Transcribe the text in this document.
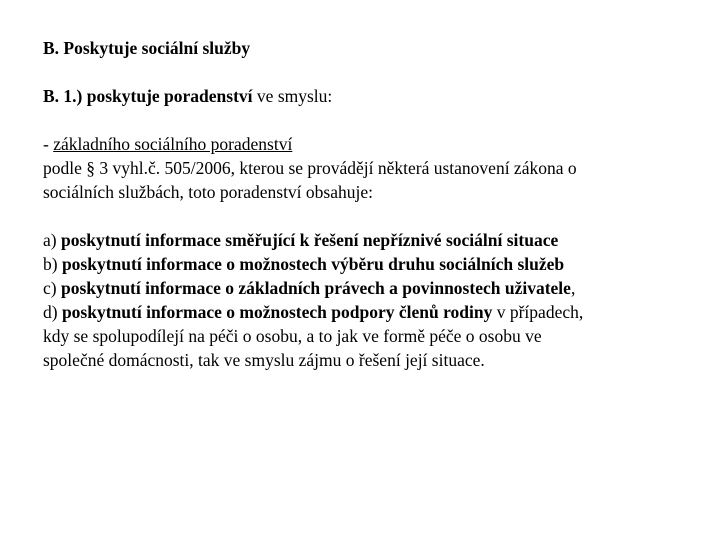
B. Poskytuje sociální služby
B. 1.) poskytuje poradenství ve smyslu:
- základního sociálního poradenství
podle § 3 vyhl.č. 505/2006, kterou se provádějí některá ustanovení zákona o
sociálních službách, toto poradenství obsahuje:
a) poskytnutí informace směřující k řešení nepříznivé sociální situace
b) poskytnutí informace o možnostech výběru druhu sociálních služeb
c) poskytnutí informace o základních právech a povinnostech uživatele,
d) poskytnutí informace o možnostech podpory členů rodiny v případech,
kdy se spolupodílejí na péči o osobu, a to jak ve formě péče o osobu ve
společné domácnosti, tak ve smyslu zájmu o řešení její situace.
